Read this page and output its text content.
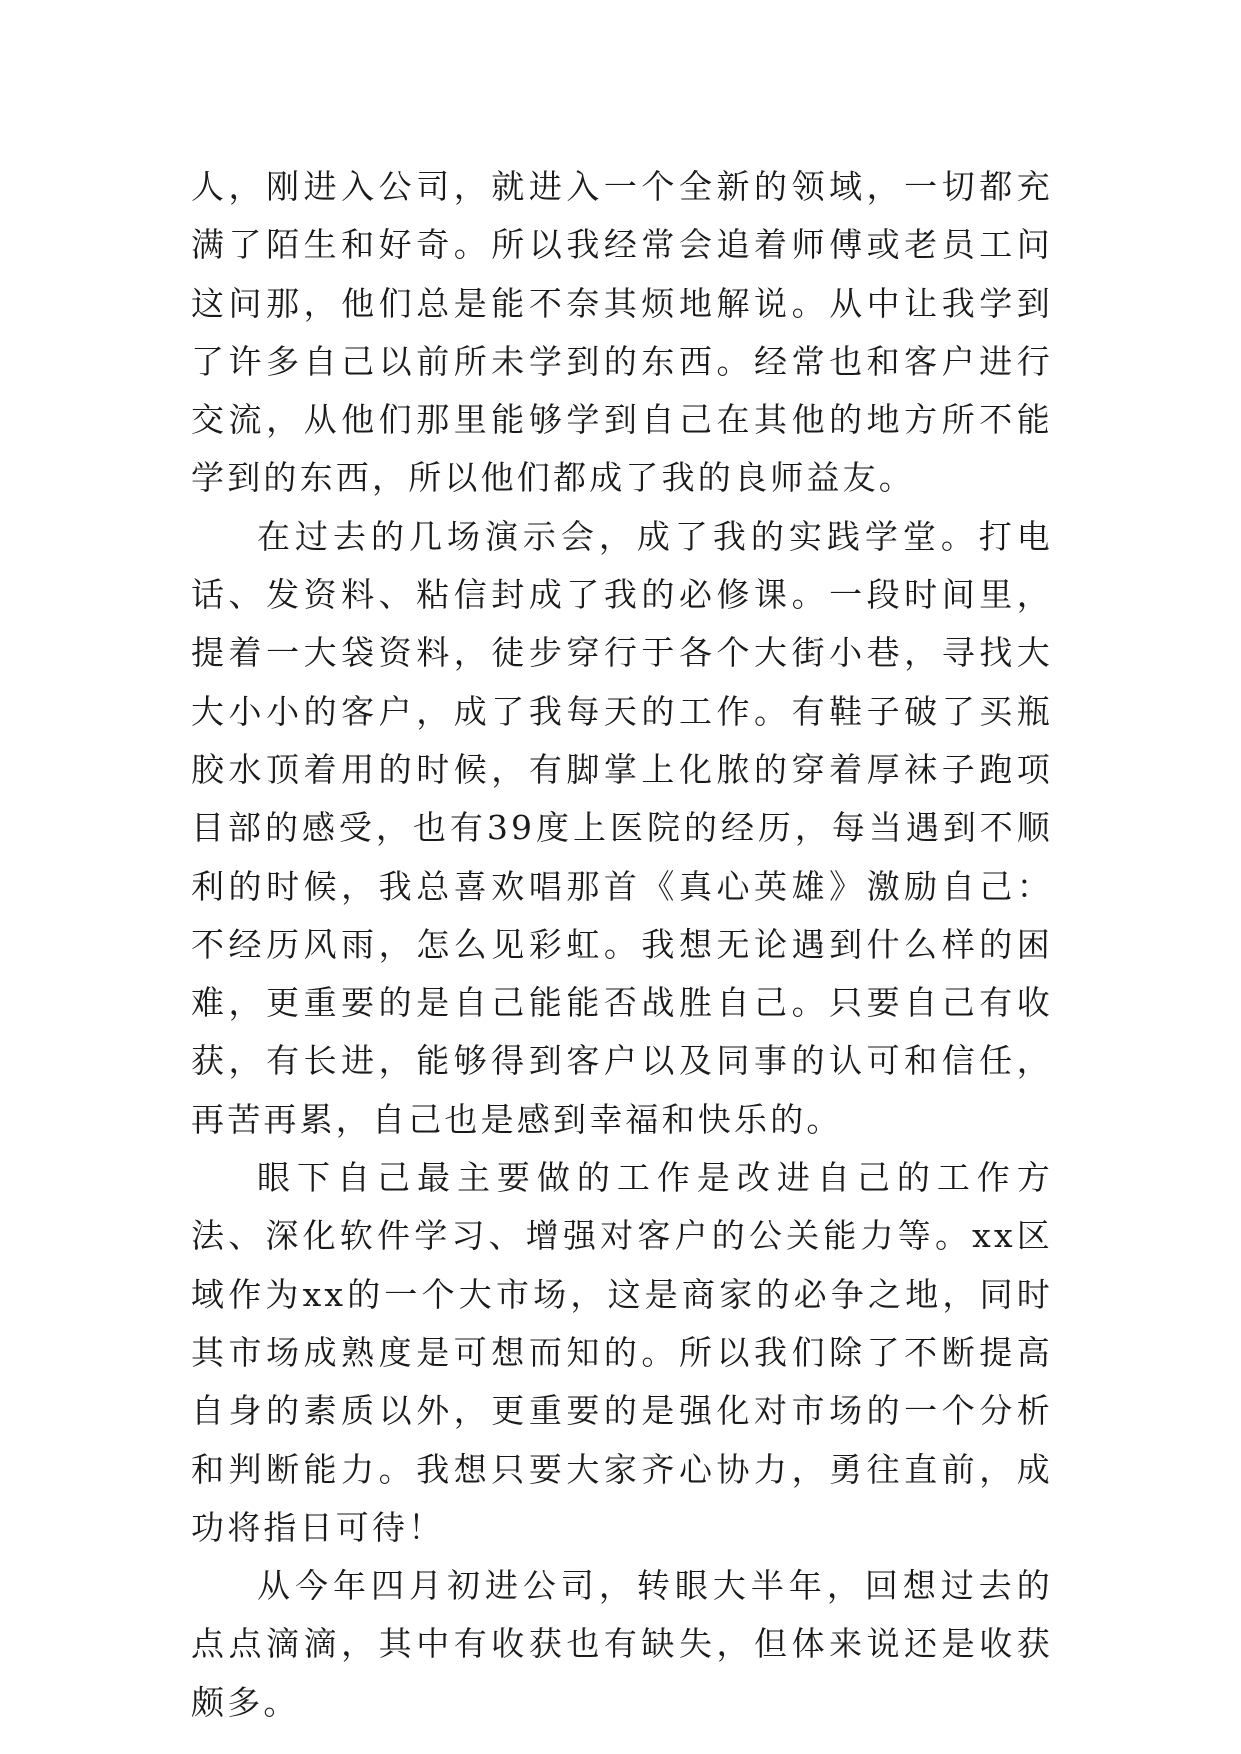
人，刚进入公司，就进入一个全新的领域，一切都充满了陌生和好奇。所以我经常会追着师傅或老员工问这问那，他们总是能不奈其烦地解说。从中让我学到了许多自己以前所未学到的东西。经常也和客户进行交流，从他们那里能够学到自己在其他的地方所不能学到的东西，所以他们都成了我的良师益友。

在过去的几场演示会，成了我的实践学堂。打电话、发资料、粘信封成了我的必修课。一段时间里，提着一大袋资料，徒步穿行于各个大街小巷，寻找大大小小的客户，成了我每天的工作。有鞋子破了买瓶胶水顶着用的时候，有脚掌上化脓的穿着厚袜子跑项目部的感受，也有39度上医院的经历，每当遇到不顺利的时候，我总喜欢唱那首《真心英雄》激励自己：不经历风雨，怎么见彩虹。我想无论遇到什么样的困难，更重要的是自己能能否战胜自己。只要自己有收获，有长进，能够得到客户以及同事的认可和信任，再苦再累，自己也是感到幸福和快乐的。

眼下自己最主要做的工作是改进自己的工作方法、深化软件学习、增强对客户的公关能力等。xx区域作为xx的一个大市场，这是商家的必争之地，同时其市场成熟度是可想而知的。所以我们除了不断提高自身的素质以外，更重要的是强化对市场的一个分析和判断能力。我想只要大家齐心协力，勇往直前，成功将指日可待！

从今年四月初进公司，转眼大半年，回想过去的点点滴滴，其中有收获也有缺失，但体来说还是收获颇多。
